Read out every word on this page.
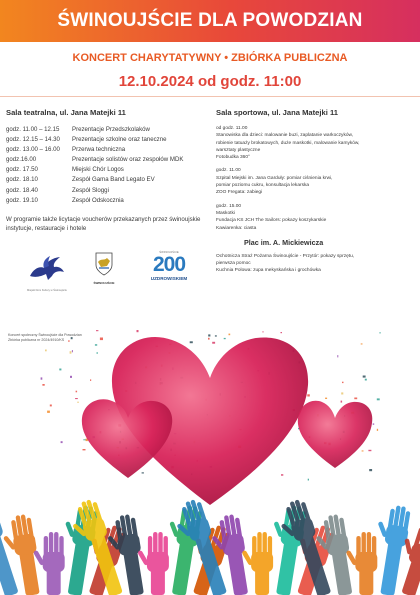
ŚWINOUJŚCIE DLA POWODZIAN
KONCERT CHARYTATYWNY • ZBIÓRKA PUBLICZNA
12.10.2024 od godz. 11:00
Sala teatralna, ul. Jana Matejki 11
godz. 11.00 – 12.15	Prezentacje Przedszkolaków
godz. 12.15 – 14.30	Prezentacje szkolne oraz taneczne
godz. 13.00 – 16.00	Przerwa techniczna
godz.16.00	Prezentacje solistów oraz zespołów MDK
godz. 17.50	Miejski Chór Logos
godz. 18.10	Zespół Gama Band Legato EV
godz. 18.40	Zespół Sloggi
godz. 19.10	Zespół Odskocznia
W programie także licytacje voucherów przekazanych przez świnoujskie instytucje, restauracje i hotele
Sala sportowa, ul. Jana Matejki 11
od godz. 11.00
Stanowiska dla dzieci: malowanie buzi, zaplatanie warkoczyków,
robienie tatuaży brokatowych, duże maskotki, malowanie kamyków,
warsztaty plastyczne
Fotobudka 360°
godz. 11.00
Szpital Miejski im. Jana Garduły: pomiar ciśnienia krwi,
pomiar poziomu cukru, konsultacja lekarska
ZOO Fregata: zabiegi
godz. 15.00
Maskotki
Fundacja KS JCH The Sailors: pokazy koszykarskie
Kawiarenka: ciasta
Plac im. A. Mickiewicza
Ochotnicza Straż Pożarna Świnoujście - Przytór: pokazy sprzętu,
pierwsza pomoc
Kuchnia Polowa: zupa mekyskańska i grochówka
Miejski Dom Kultury w Świnoujściu
ŚWINOUJŚCIE
ŚWINOUJŚCIE
200
UZDROWISKIEM
Koncert społeczny Świnoujście dla Powodzian
Zbiórka publiczna nr 2024/4910/KS
